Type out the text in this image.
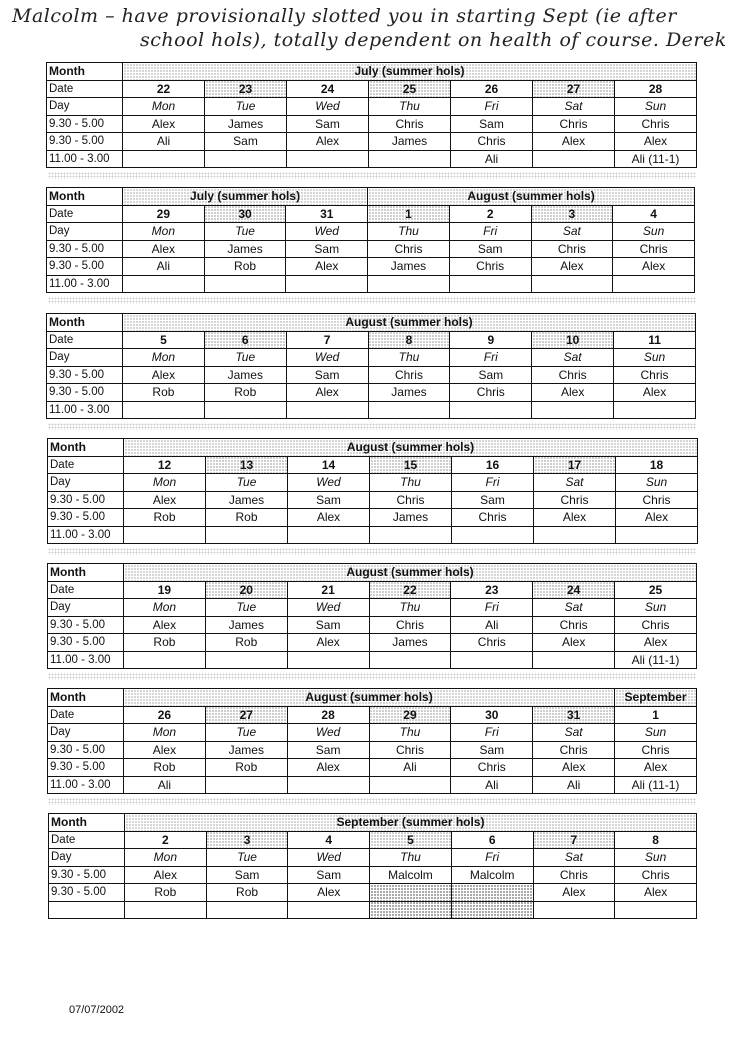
Malcolm – have provisionally slotted you in starting Sept (ie after
school hols), totally dependent on health of course. Derek
Month	July (summer hols)						
Date	22	23	24	25	26	27	28
Day	Mon	Tue	Wed	Thu	Fri	Sat	Sun
9.30 - 5.00	Alex	James	Sam	Chris	Sam	Chris	Chris
9.30 - 5.00	Ali	Sam	Alex	James	Chris	Alex	Alex
11.00 - 3.00					Ali		Ali (11-1)
Month	July (summer hols)			August (summer hols)			
Date	29	30	31	1	2	3	4
Day	Mon	Tue	Wed	Thu	Fri	Sat	Sun
9.30 - 5.00	Alex	James	Sam	Chris	Sam	Chris	Chris
9.30 - 5.00	Ali	Rob	Alex	James	Chris	Alex	Alex
11.00 - 3.00							
Month	August (summer hols)						
Date	5	6	7	8	9	10	11
Day	Mon	Tue	Wed	Thu	Fri	Sat	Sun
9.30 - 5.00	Alex	James	Sam	Chris	Sam	Chris	Chris
9.30 - 5.00	Rob	Rob	Alex	James	Chris	Alex	Alex
11.00 - 3.00							
Month	August (summer hols)						
Date	12	13	14	15	16	17	18
Day	Mon	Tue	Wed	Thu	Fri	Sat	Sun
9.30 - 5.00	Alex	James	Sam	Chris	Sam	Chris	Chris
9.30 - 5.00	Rob	Rob	Alex	James	Chris	Alex	Alex
11.00 - 3.00							
Month	August (summer hols)						
Date	19	20	21	22	23	24	25
Day	Mon	Tue	Wed	Thu	Fri	Sat	Sun
9.30 - 5.00	Alex	James	Sam	Chris	Ali	Chris	Chris
9.30 - 5.00	Rob	Rob	Alex	James	Chris	Alex	Alex
11.00 - 3.00							Ali (11-1)
Month	August (summer hols)						September
Date	26	27	28	29	30	31	1
Day	Mon	Tue	Wed	Thu	Fri	Sat	Sun
9.30 - 5.00	Alex	James	Sam	Chris	Sam	Chris	Chris
9.30 - 5.00	Rob	Rob	Alex	Ali	Chris	Alex	Alex
11.00 - 3.00	Ali				Ali	Ali	Ali (11-1)
Month	September (summer hols)						
Date	2	3	4	5	6	7	8
Day	Mon	Tue	Wed	Thu	Fri	Sat	Sun
9.30 - 5.00	Alex	Sam	Sam	Malcolm	Malcolm	Chris	Chris
9.30 - 5.00	Rob	Rob	Alex			Alex	Alex

07/07/2002
